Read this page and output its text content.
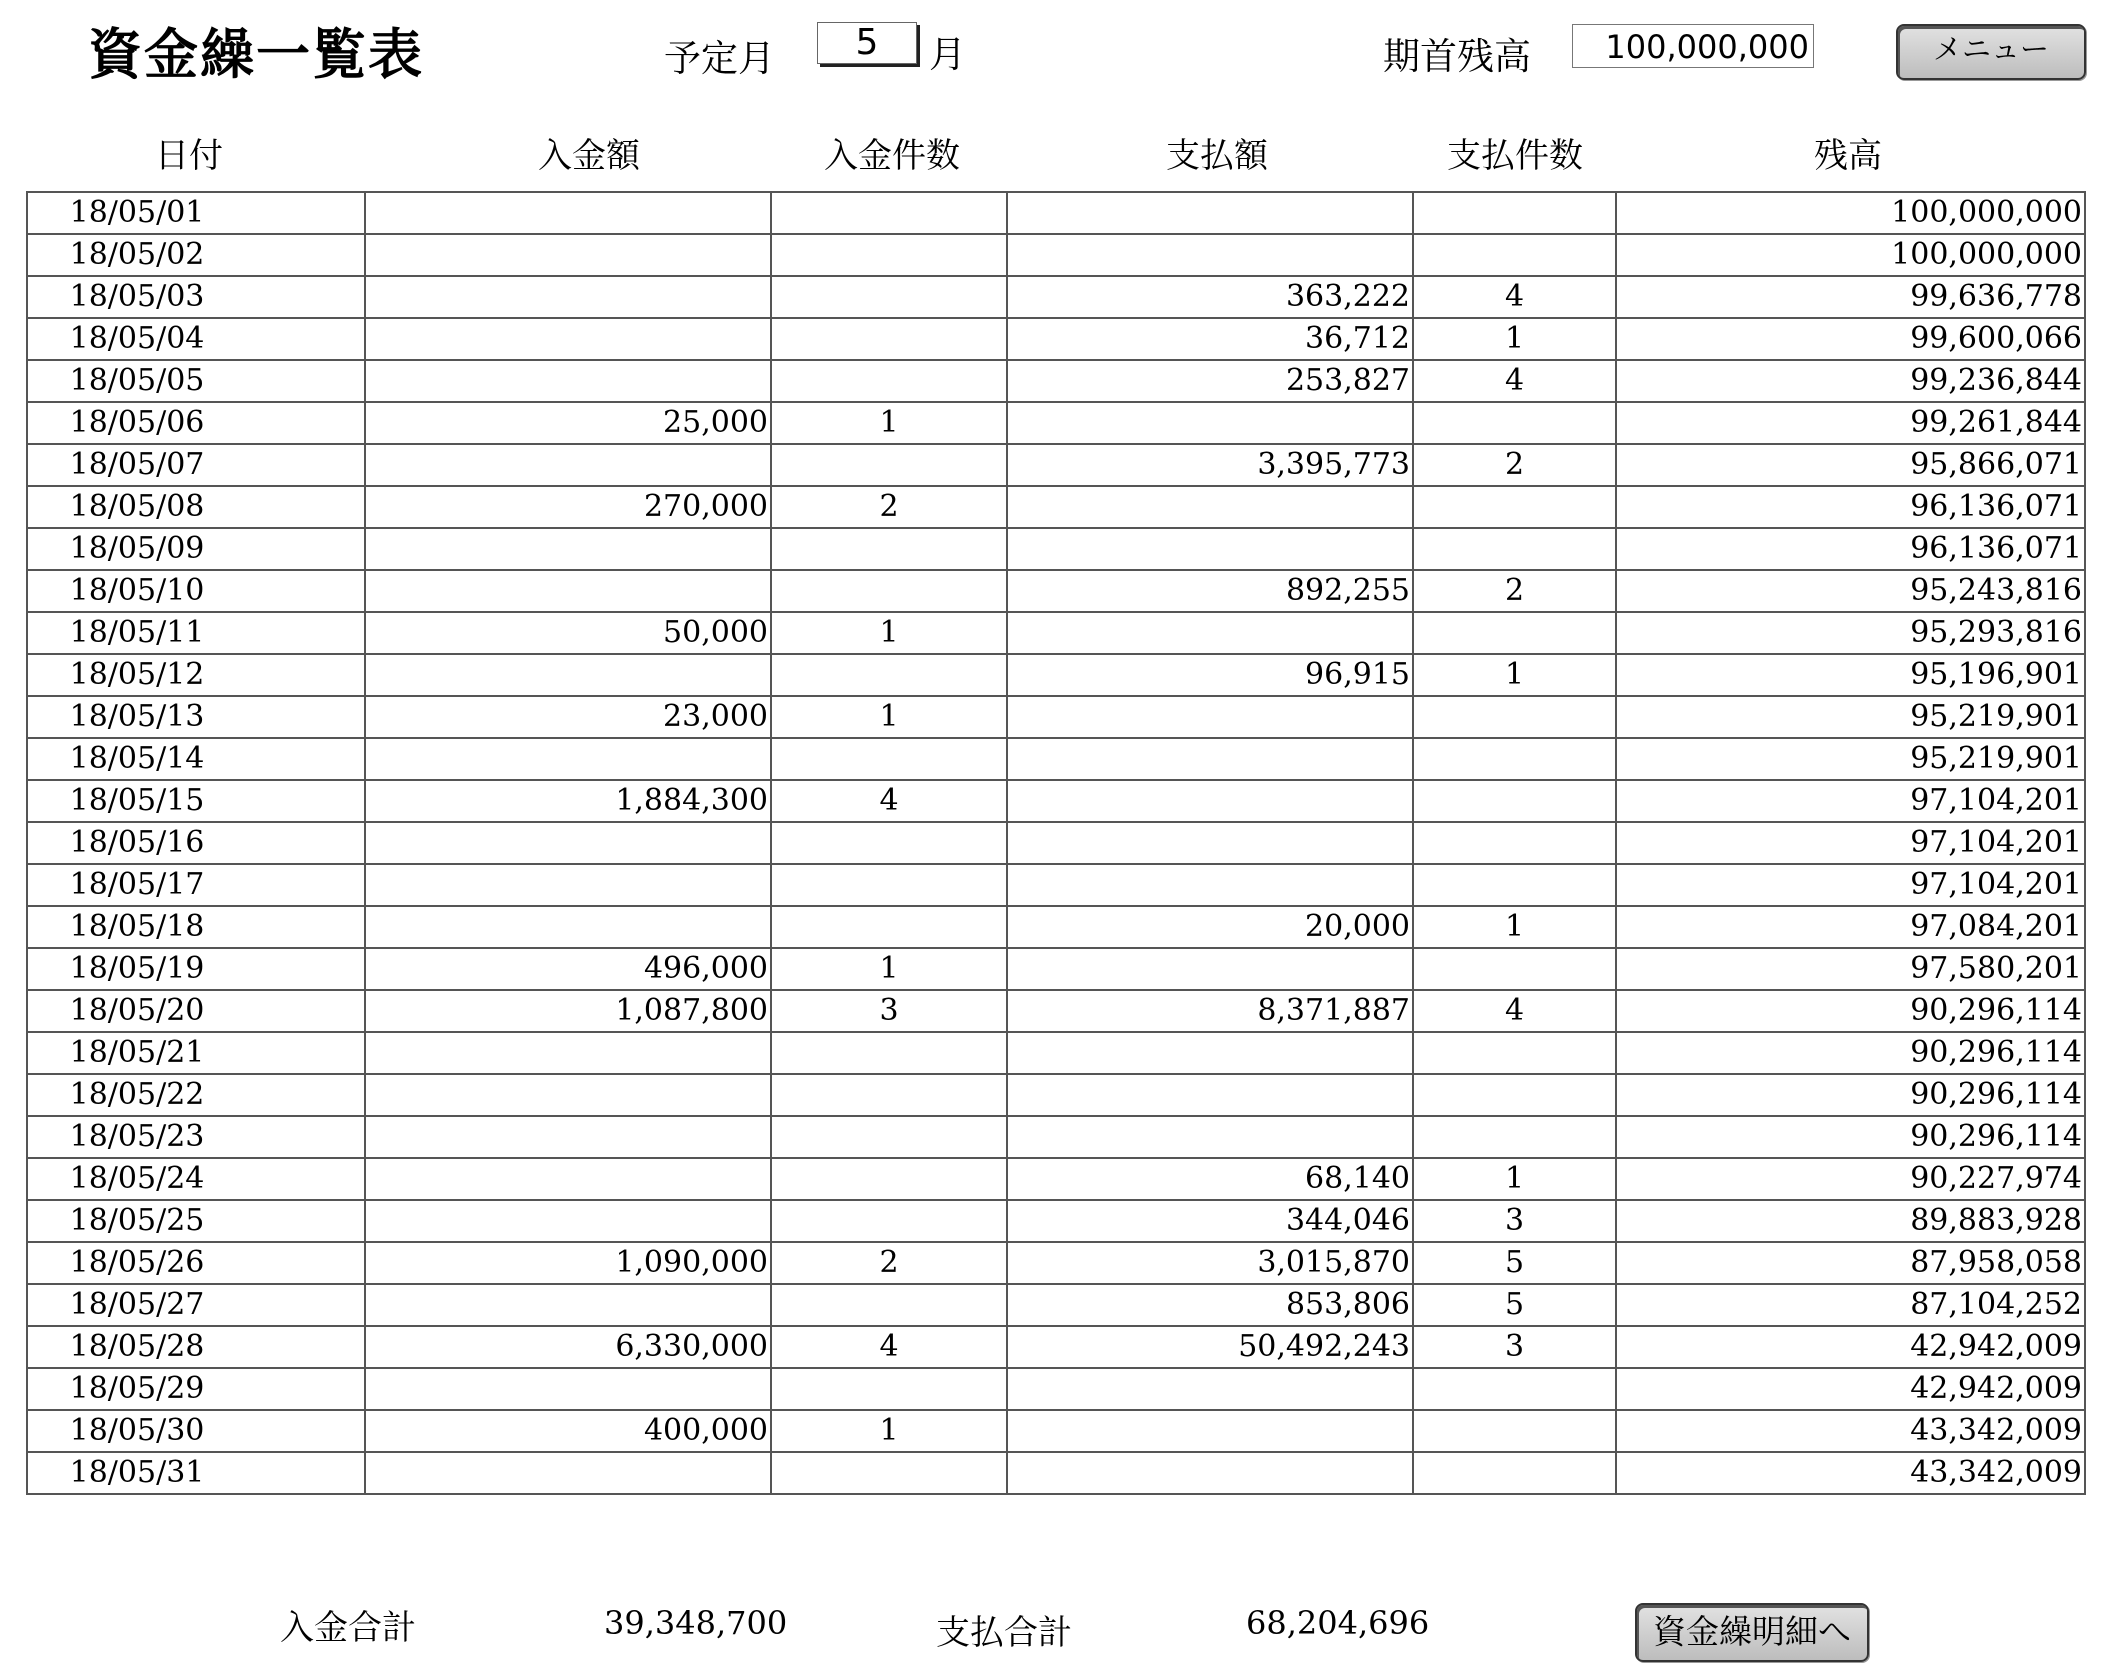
資金繰一覧表	予定月	5	月	期首残高	100,000,000	メニュー
日付	入金額	入金件数	支払額	支払件数	残高
18/05/01					100,000,000
18/05/02					100,000,000
18/05/03			363,222	4	99,636,778
18/05/04			36,712	1	99,600,066
18/05/05			253,827	4	99,236,844
18/05/06	25,000	1			99,261,844
18/05/07			3,395,773	2	95,866,071
18/05/08	270,000	2			96,136,071
18/05/09					96,136,071
18/05/10			892,255	2	95,243,816
18/05/11	50,000	1			95,293,816
18/05/12			96,915	1	95,196,901
18/05/13	23,000	1			95,219,901
18/05/14					95,219,901
18/05/15	1,884,300	4			97,104,201
18/05/16					97,104,201
18/05/17					97,104,201
18/05/18			20,000	1	97,084,201
18/05/19	496,000	1			97,580,201
18/05/20	1,087,800	3	8,371,887	4	90,296,114
18/05/21					90,296,114
18/05/22					90,296,114
18/05/23					90,296,114
18/05/24			68,140	1	90,227,974
18/05/25			344,046	3	89,883,928
18/05/26	1,090,000	2	3,015,870	5	87,958,058
18/05/27			853,806	5	87,104,252
18/05/28	6,330,000	4	50,492,243	3	42,942,009
18/05/29					42,942,009
18/05/30	400,000	1			43,342,009
18/05/31					43,342,009
入金合計	39,348,700	支払合計	68,204,696	資金繰明細へ
